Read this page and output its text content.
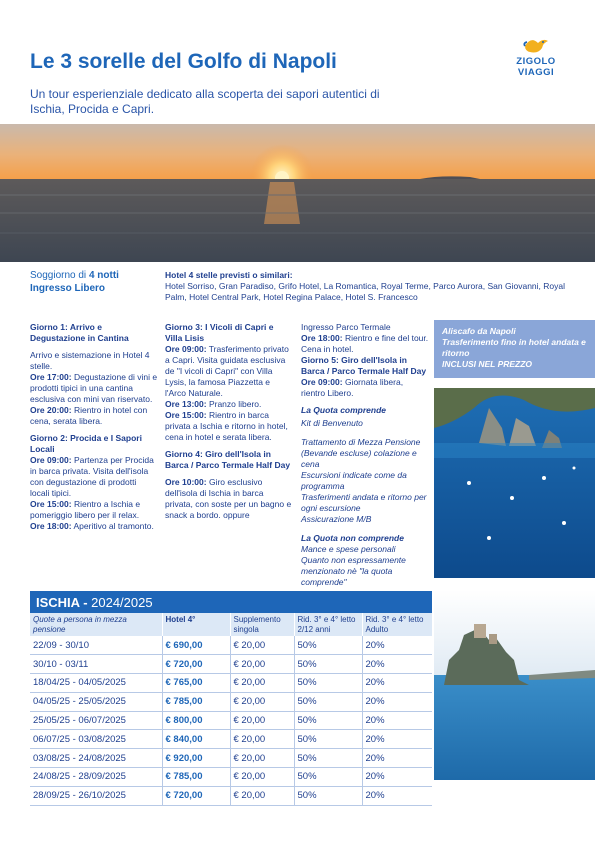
Le 3 sorelle del Golfo di Napoli	ZIGOLO
VIAGGI
Un tour esperienziale dedicato alla scoperta dei sapori autentici di Ischia, Procida e Capri.
Soggiorno di 4 notti
Ingresso Libero
Hotel 4 stelle previsti o similari:
Hotel Sorriso, Gran Paradiso, Grifo Hotel, La Romantica, Royal Terme, Parco Aurora, San Giovanni, Royal Palm, Hotel Central Park, Hotel Regina Palace, Hotel S. Francesco

Giorno 1: Arrivo e Degustazione in Cantina

Arrivo e sistemazione in Hotel 4 stelle.

Ore 17:00: Degustazione di vini e prodotti tipici in una cantina esclusiva con mini van riservato.

Ore 20:00: Rientro in hotel con cena, serata libera.

Giorno 2: Procida e I Sapori Locali

Ore 09:00: Partenza per Procida in barca privata. Visita dell'isola con degustazione di prodotti locali tipici.

Ore 15:00: Rientro a Ischia e pomeriggio libero per il relax.

Ore 18:00: Aperitivo al tramonto.

Giorno 3: I Vicoli di Capri e Villa Lisis

Ore 09:00: Trasferimento privato a Capri. Visita guidata esclusiva de "I vicoli di Capri" con Villa Lysis, la famosa Piazzetta e l'Arco Naturale.

Ore 13:00: Pranzo libero.

Ore 15:00: Rientro in barca privata a Ischia e ritorno in hotel, cena in hotel e serata libera.

Giorno 4: Giro dell'Isola in Barca / Parco Termale Half Day

Ore 10:00: Giro esclusivo dell'isola di Ischia in barca privata, con soste per un bagno e snack a bordo. oppure

Ingresso Parco Termale

Ore 18:00: Rientro e fine del tour. Cena in hotel.

Giorno 5: Giro dell'Isola in Barca / Parco Termale Half Day

Ore 09:00: Giornata libera, rientro Libero.

La Quota comprende

Kit di Benvenuto

Trattamento di Mezza Pensione (Bevande escluse) colazione e cena

Escursioni indicate come da programma

Trasferimenti andata e ritorno per ogni escursione

Assicurazione M/B

La Quota non comprende

Mance e spese personali

Quanto non espressamente menzionato nè "la quota comprende"

Aliscafo da Napoli
Trasferimento fino in hotel andata e ritorno
INCLUSI NEL PREZZO
ISCHIA - 2024/2025
Quote a persona in mezza pensione	Hotel 4°	Supplemento singola	Rid. 3° e 4° letto 2/12 anni	Rid. 3° e 4° letto Adulto
22/09 - 30/10	€ 690,00	€ 20,00	50%	20%
30/10 - 03/11	€ 720,00	€ 20,00	50%	20%
18/04/25 - 04/05/2025	€ 765,00	€ 20,00	50%	20%
04/05/25 - 25/05/2025	€ 785,00	€ 20,00	50%	20%
25/05/25 - 06/07/2025	€ 800,00	€ 20,00	50%	20%
06/07/25 - 03/08/2025	€ 840,00	€ 20,00	50%	20%
03/08/25 - 24/08/2025	€ 920,00	€ 20,00	50%	20%
24/08/25 - 28/09/2025	€ 785,00	€ 20,00	50%	20%
28/09/25 - 26/10/2025	€ 720,00	€ 20,00	50%	20%
